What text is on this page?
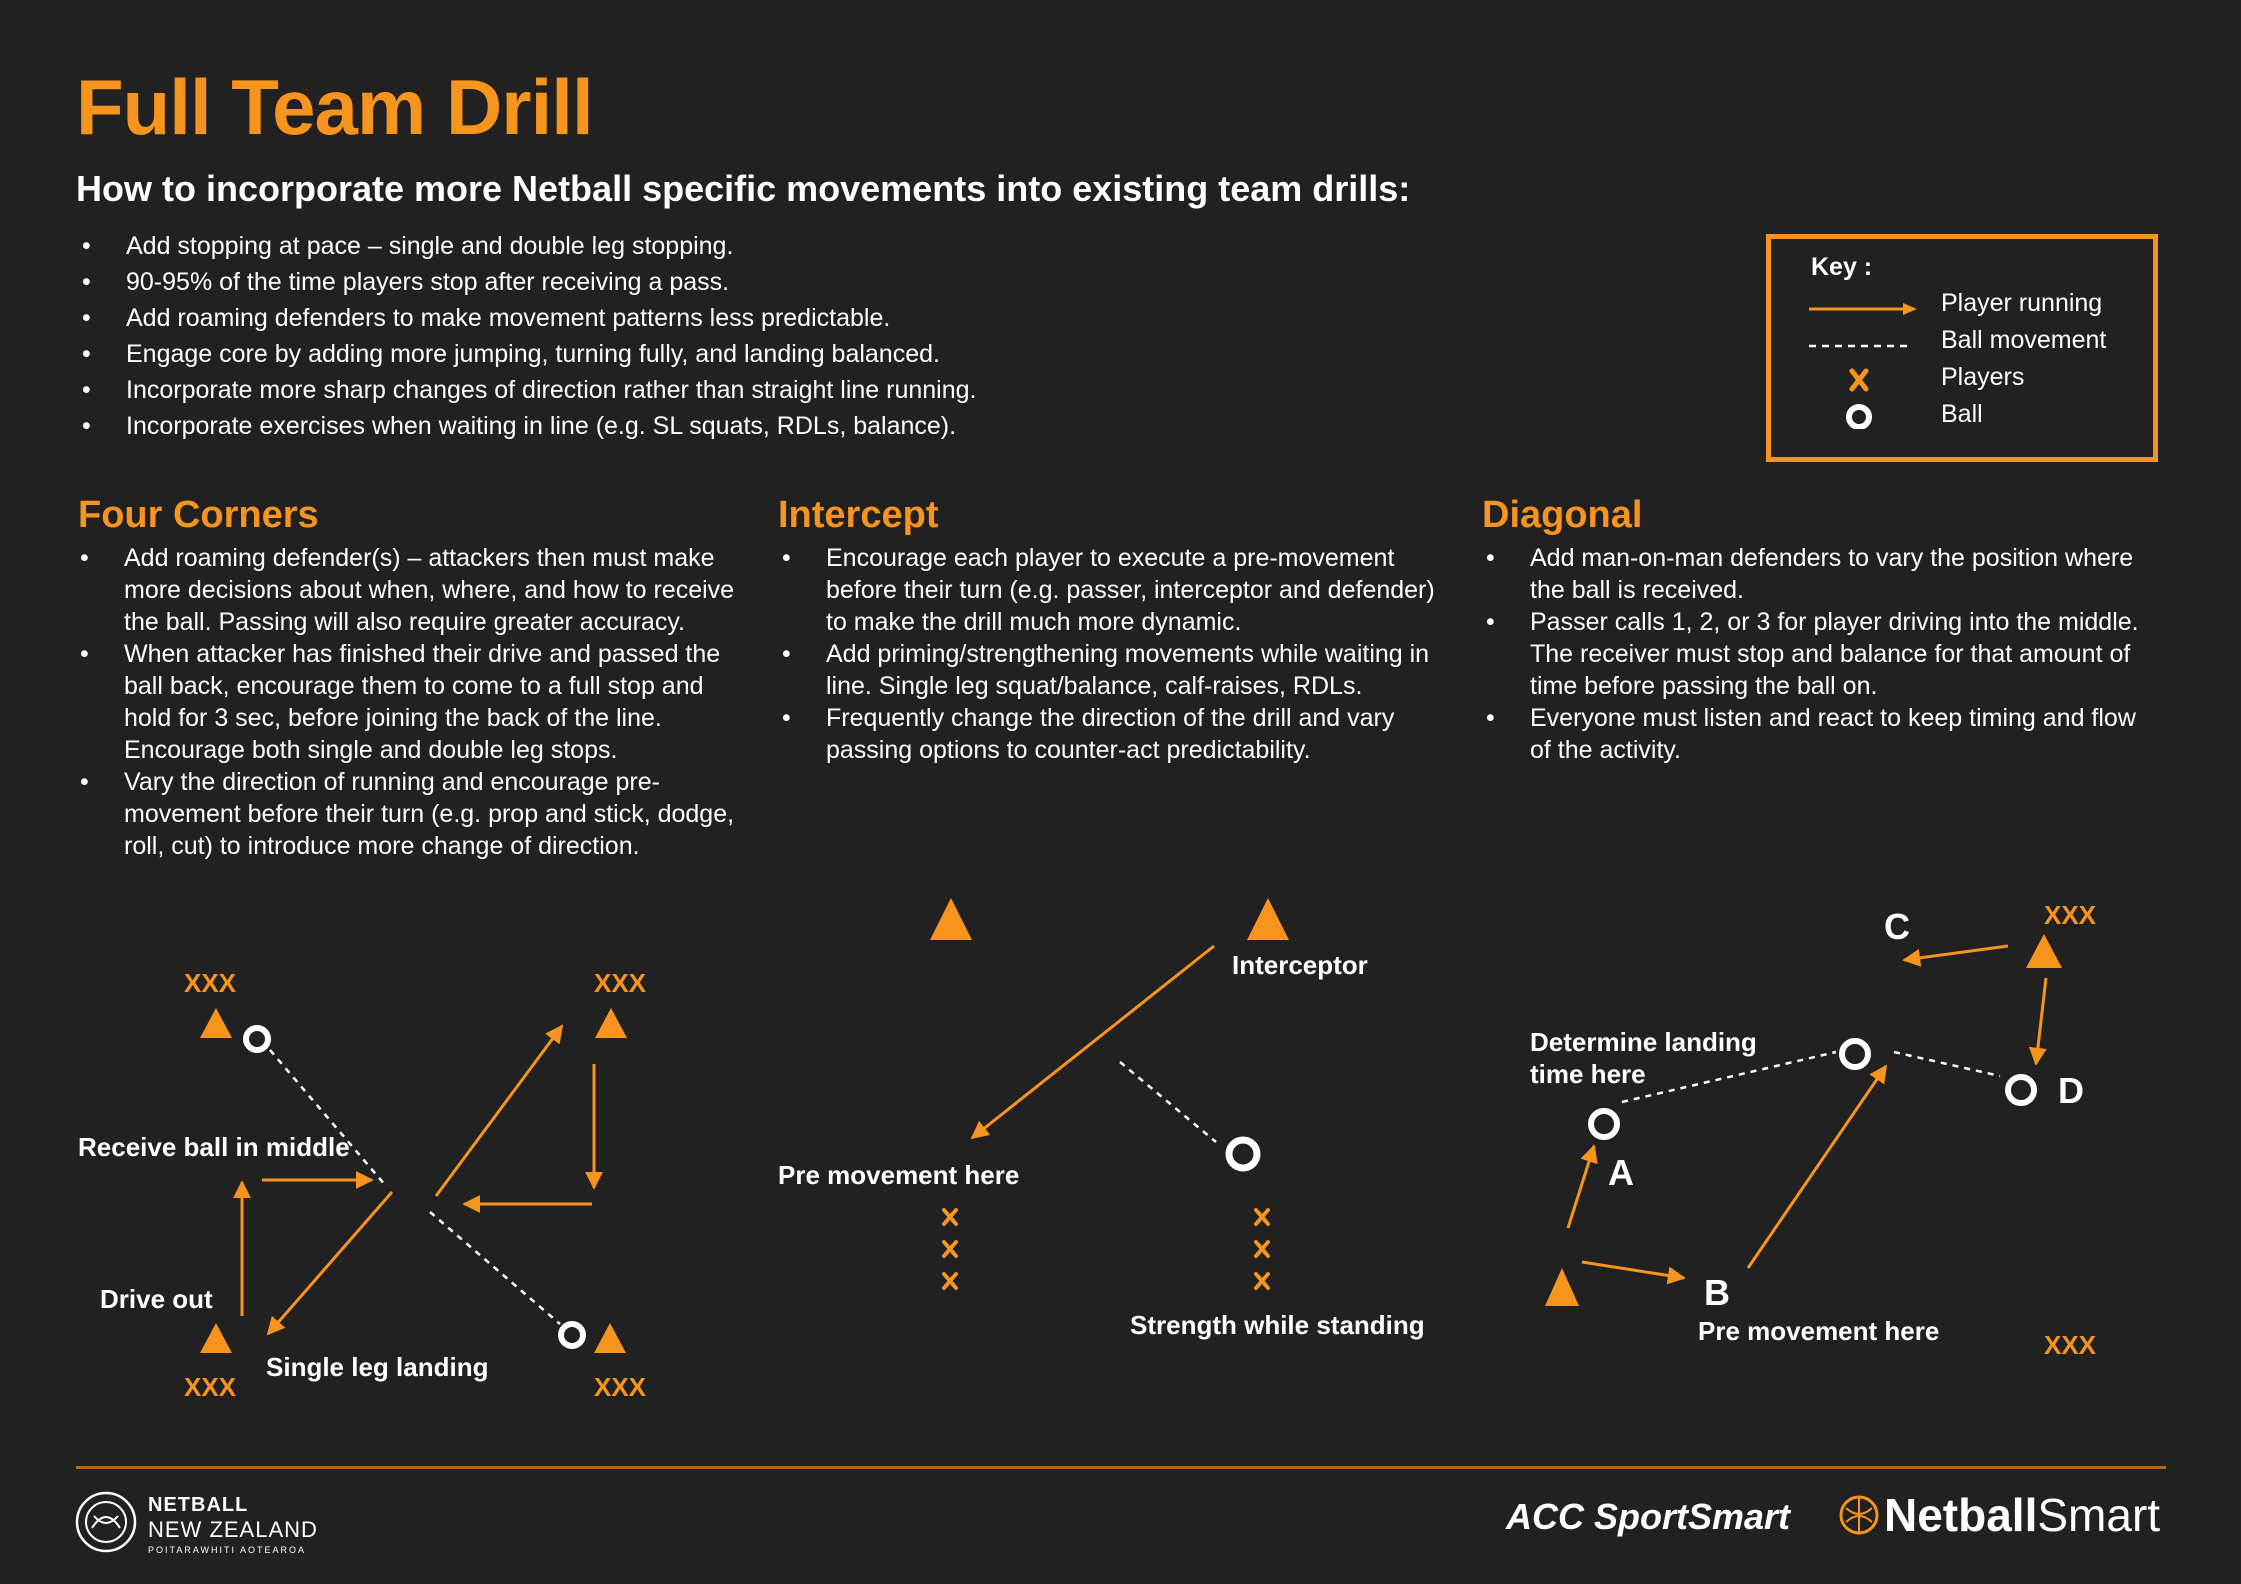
Full Team Drill
How to incorporate more Netball specific movements into existing team drills:
• Add stopping at pace – single and double leg stopping.
• 90-95% of the time players stop after receiving a pass.
• Add roaming defenders to make movement patterns less predictable.
• Engage core by adding more jumping, turning fully, and landing balanced.
• Incorporate more sharp changes of direction rather than straight line running.
• Incorporate exercises when waiting in line (e.g. SL squats, RDLs, balance).
Key :
Player running
Ball movement
Players
Ball
Four Corners
• Add roaming defender(s) – attackers then must make more decisions about when, where, and how to receive the ball. Passing will also require greater accuracy.
• When attacker has finished their drive and passed the ball back, encourage them to come to a full stop and hold for 3 sec, before joining the back of the line. Encourage both single and double leg stops.
• Vary the direction of running and encourage pre-movement before their turn (e.g. prop and stick, dodge, roll, cut) to introduce more change of direction.
Intercept
• Encourage each player to execute a pre-movement before their turn (e.g. passer, interceptor and defender) to make the drill much more dynamic.
• Add priming/strengthening movements while waiting in line. Single leg squat/balance, calf-raises, RDLs.
• Frequently change the direction of the drill and vary passing options to counter-act predictability.
Diagonal
• Add man-on-man defenders to vary the position where the ball is received.
• Passer calls 1, 2, or 3 for player driving into the middle. The receiver must stop and balance for that amount of time before passing the ball on.
• Everyone must listen and react to keep timing and flow of the activity.
XXX	XXX
XXX	XXX
Receive ball in middle
Drive out
Single leg landing
Interceptor
Pre movement here
Strength while standing
XXX
XXX
C
D
A
B
Determine landing time here
Pre movement here
NETBALL
NEW ZEALAND
POITARAWHITI AOTEAROA
ACC SportSmart NetballSmart
